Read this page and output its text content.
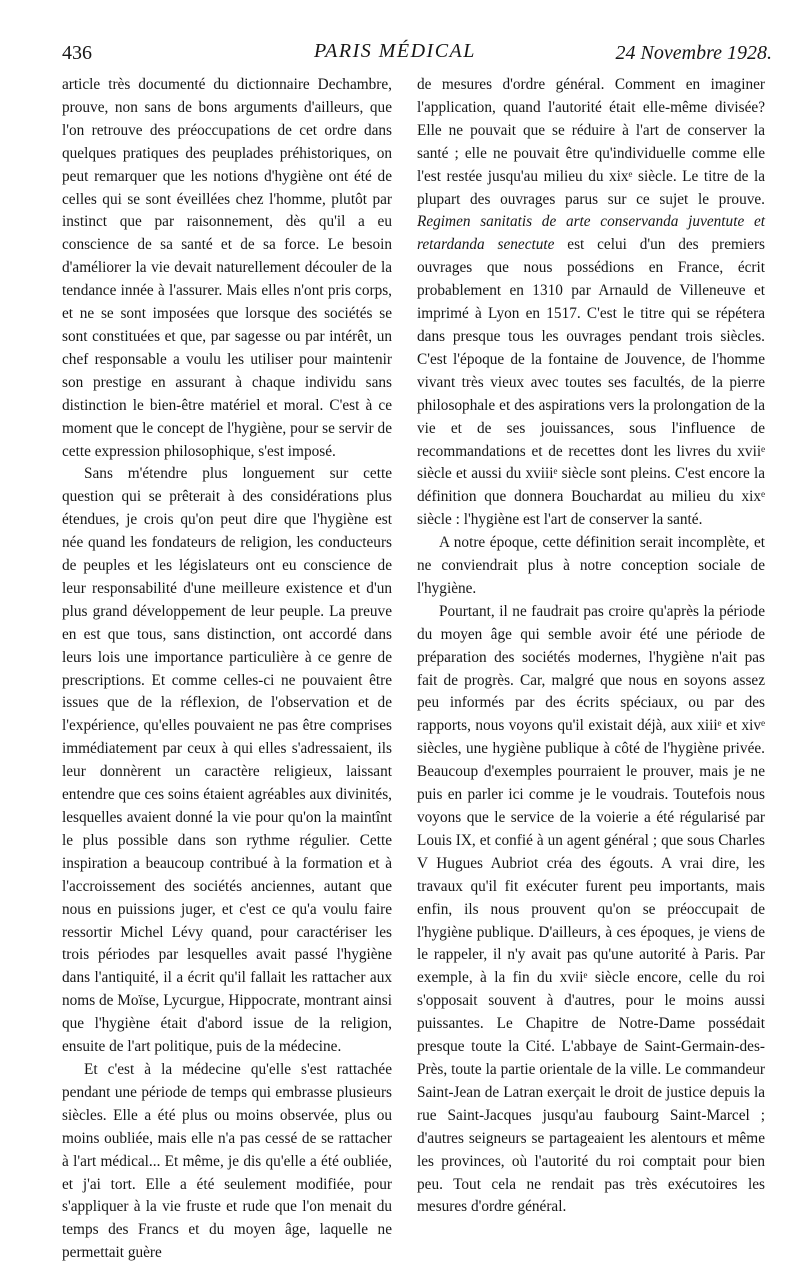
436	PARIS MÉDICAL	24 Novembre 1928.

article très documenté du dictionnaire Dechambre, prouve, non sans de bons arguments d'ailleurs, que l'on retrouve des préoccupations de cet ordre dans quelques pratiques des peuplades préhistoriques, on peut remarquer que les notions d'hygiène ont été de celles qui se sont éveillées chez l'homme, plutôt par instinct que par raisonnement, dès qu'il a eu conscience de sa santé et de sa force. Le besoin d'améliorer la vie devait naturellement découler de la tendance innée à l'assurer. Mais elles n'ont pris corps, et ne se sont imposées que lorsque des sociétés se sont constituées et que, par sagesse ou par intérêt, un chef responsable a voulu les utiliser pour maintenir son prestige en assurant à chaque individu sans distinction le bien-être matériel et moral. C'est à ce moment que le concept de l'hygiène, pour se servir de cette expression philosophique, s'est imposé.

Sans m'étendre plus longuement sur cette question qui se prêterait à des considérations plus étendues, je crois qu'on peut dire que l'hygiène est née quand les fondateurs de religion, les conducteurs de peuples et les législateurs ont eu conscience de leur responsabilité d'une meilleure existence et d'un plus grand développement de leur peuple. La preuve en est que tous, sans distinction, ont accordé dans leurs lois une importance particulière à ce genre de prescriptions. Et comme celles-ci ne pouvaient être issues que de la réflexion, de l'observation et de l'expérience, qu'elles pouvaient ne pas être comprises immédiatement par ceux à qui elles s'adressaient, ils leur donnèrent un caractère religieux, laissant entendre que ces soins étaient agréables aux divinités, lesquelles avaient donné la vie pour qu'on la maintînt le plus possible dans son rythme régulier. Cette inspiration a beaucoup contribué à la formation et à l'accroissement des sociétés anciennes, autant que nous en puissions juger, et c'est ce qu'a voulu faire ressortir Michel Lévy quand, pour caractériser les trois périodes par lesquelles avait passé l'hygiène dans l'antiquité, il a écrit qu'il fallait les rattacher aux noms de Moïse, Lycurgue, Hippocrate, montrant ainsi que l'hygiène était d'abord issue de la religion, ensuite de l'art politique, puis de la médecine.

Et c'est à la médecine qu'elle s'est rattachée pendant une période de temps qui embrasse plusieurs siècles. Elle a été plus ou moins observée, plus ou moins oubliée, mais elle n'a pas cessé de se rattacher à l'art médical... Et même, je dis qu'elle a été oubliée, et j'ai tort. Elle a été seulement modifiée, pour s'appliquer à la vie fruste et rude que l'on menait du temps des Francs et du moyen âge, laquelle ne permettait guère

de mesures d'ordre général. Comment en imaginer l'application, quand l'autorité était elle-même divisée? Elle ne pouvait que se réduire à l'art de conserver la santé ; elle ne pouvait être qu'individuelle comme elle l'est restée jusqu'au milieu du xixᵉ siècle. Le titre de la plupart des ouvrages parus sur ce sujet le prouve. Regimen sanitatis de arte conservanda juventute et retardanda senectute est celui d'un des premiers ouvrages que nous possédions en France, écrit probablement en 1310 par Arnauld de Villeneuve et imprimé à Lyon en 1517. C'est le titre qui se répétera dans presque tous les ouvrages pendant trois siècles. C'est l'époque de la fontaine de Jouvence, de l'homme vivant très vieux avec toutes ses facultés, de la pierre philosophale et des aspirations vers la prolongation de la vie et de ses jouissances, sous l'influence de recommandations et de recettes dont les livres du xviiᵉ siècle et aussi du xviiiᵉ siècle sont pleins. C'est encore la définition que donnera Bouchardat au milieu du xixᵉ siècle : l'hygiène est l'art de conserver la santé.

A notre époque, cette définition serait incomplète, et ne conviendrait plus à notre conception sociale de l'hygiène.

Pourtant, il ne faudrait pas croire qu'après la période du moyen âge qui semble avoir été une période de préparation des sociétés modernes, l'hygiène n'ait pas fait de progrès. Car, malgré que nous en soyons assez peu informés par des écrits spéciaux, ou par des rapports, nous voyons qu'il existait déjà, aux xiiiᵉ et xivᵉ siècles, une hygiène publique à côté de l'hygiène privée. Beaucoup d'exemples pourraient le prouver, mais je ne puis en parler ici comme je le voudrais. Toutefois nous voyons que le service de la voierie a été régularisé par Louis IX, et confié à un agent général ; que sous Charles V Hugues Aubriot créa des égouts. A vrai dire, les travaux qu'il fit exécuter furent peu importants, mais enfin, ils nous prouvent qu'on se préoccupait de l'hygiène publique. D'ailleurs, à ces époques, je viens de le rappeler, il n'y avait pas qu'une autorité à Paris. Par exemple, à la fin du xviiᵉ siècle encore, celle du roi s'opposait souvent à d'autres, pour le moins aussi puissantes. Le Chapitre de Notre-Dame possédait presque toute la Cité. L'abbaye de Saint-Germain-des-Près, toute la partie orientale de la ville. Le commandeur Saint-Jean de Latran exerçait le droit de justice depuis la rue Saint-Jacques jusqu'au faubourg Saint-Marcel ; d'autres seigneurs se partageaient les alentours et même les provinces, où l'autorité du roi comptait pour bien peu. Tout cela ne rendait pas très exécutoires les mesures d'ordre général.
